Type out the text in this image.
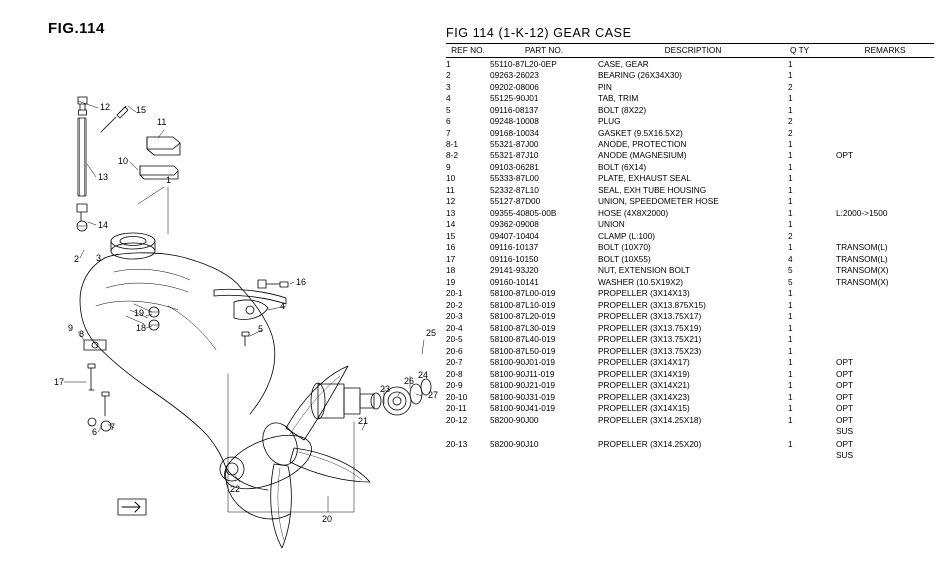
FIG.114
1
2 3
4
5
6 7
8
9
10
11
12
13
14
15
16
17
18
19
20
21
22
23
24
25
26
27
FIG 114 (1-K-12) GEAR CASE
REF NO.	PART NO.	DESCRIPTION	Q TY	REMARKS
1	55110-87L20-0EP	CASE, GEAR	1	
2	09263-26023	BEARING (26X34X30)	1	
3	09202-08006	PIN	2	
4	55125-90J01	TAB, TRIM	1	
5	09116-08137	BOLT (8X22)	1	
6	09248-10008	PLUG	2	
7	09168-10034	GASKET (9.5X16.5X2)	2	
8-1	55321-87J00	ANODE, PROTECTION	1	
8-2	55321-87J10	ANODE (MAGNESIUM)	1	OPT
9	09103-06281	BOLT (6X14)	1	
10	55333-87L00	PLATE, EXHAUST SEAL	1	
11	52332-87L10	SEAL, EXH TUBE HOUSING	1	
12	55127-87D00	UNION, SPEEDOMETER HOSE	1	
13	09355-40805-00B	HOSE (4X8X2000)	1	L:2000->1500
14	09362-09008	UNION	1	
15	09407-10404	CLAMP (L:100)	2	
16	09116-10137	BOLT (10X70)	1	TRANSOM(L)
17	09116-10150	BOLT (10X55)	4	TRANSOM(L)
18	29141-93J20	NUT, EXTENSION BOLT	5	TRANSOM(X)
19	09160-10141	WASHER (10.5X19X2)	5	TRANSOM(X)
20-1	58100-87L00-019	PROPELLER (3X14X13)	1	
20-2	58100-87L10-019	PROPELLER (3X13.875X15)	1	
20-3	58100-87L20-019	PROPELLER (3X13.75X17)	1	
20-4	58100-87L30-019	PROPELLER (3X13.75X19)	1	
20-5	58100-87L40-019	PROPELLER (3X13.75X21)	1	
20-6	58100-87L50-019	PROPELLER (3X13.75X23)	1	
20-7	58100-90J01-019	PROPELLER (3X14X17)	1	OPT
20-8	58100-90J11-019	PROPELLER (3X14X19)	1	OPT
20-9	58100-90J21-019	PROPELLER (3X14X21)	1	OPT
20-10	58100-90J31-019	PROPELLER (3X14X23)	1	OPT
20-11	58100-90J41-019	PROPELLER (3X14X15)	1	OPT
20-12	58200-90J00	PROPELLER (3X14.25X18)	1	OPT
				SUS

20-13	58200-90J10	PROPELLER (3X14.25X20)	1	OPT
				SUS
